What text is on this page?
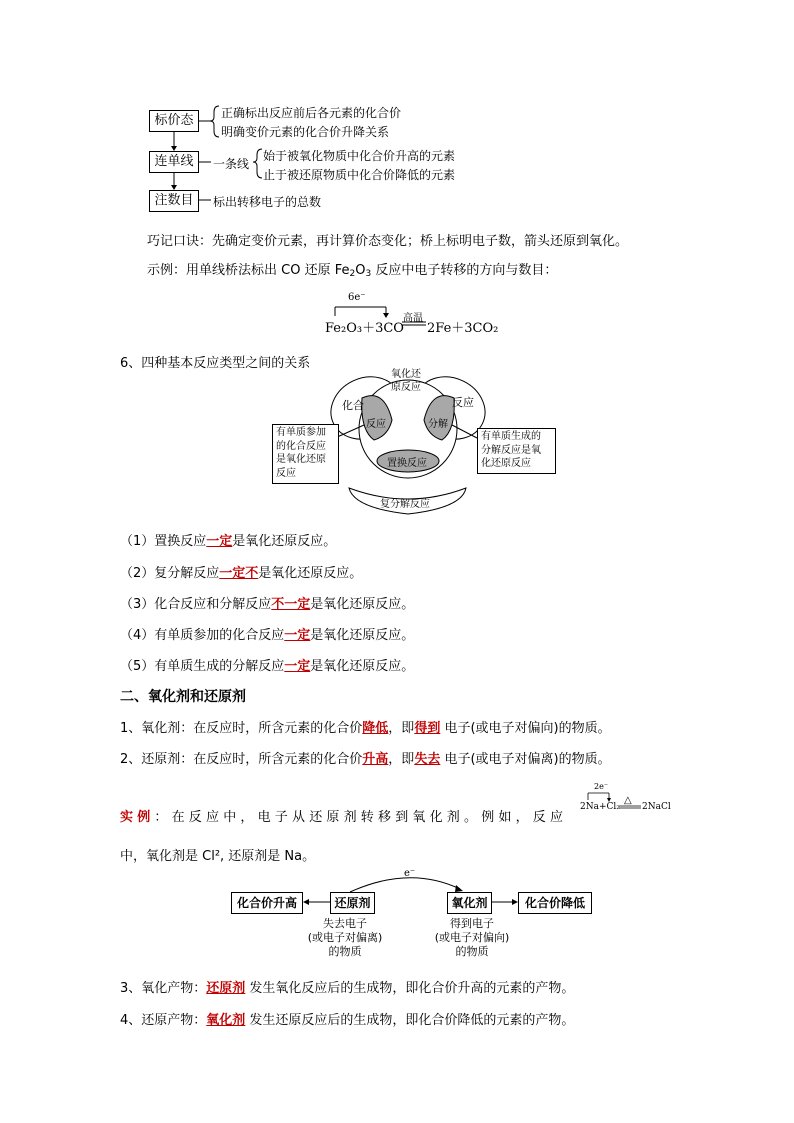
标价态	正确标出反应前后各元素的化合价
明确变价元素的化合价升降关系
连单线	一条线
始于被氧化物质中化合价升高的元素
止于被还原物质中化合价降低的元素
注数目	标出转移电子的总数
巧记口诀：先确定变价元素，再计算价态变化；桥上标明电子数，箭头还原到氧化。
示例：用单线桥法标出 CO 还原 Fe2O3 反应中电子转移的方向与数目：
6e⁻
Fe₂O₃＋3CO
高温
2Fe＋3CO₂
6、四种基本反应类型之间的关系
化合
氧化还
原反应
反应
反应	分解
置换反应
复分解反应
有单质参加
的化合反应
是氧化还原
反应
有单质生成的
分解反应是氧
化还原反应
（1）置换反应一定是氧化还原反应。
（2）复分解反应一定不是氧化还原反应。
（3）化合反应和分解反应不一定是氧化还原反应。
（4）有单质参加的化合反应一定是氧化还原反应。
（5）有单质生成的分解反应一定是氧化还原反应。
二、氧化剂和还原剂
1、氧化剂：在反应时，所含元素的化合价降低，即得到 电子(或电子对偏向)的物质。
2、还原剂：在反应时，所含元素的化合价升高，即失去 电子(或电子对偏离)的物质。
实例：在反应中，电子从还原剂转移到氧化剂。例如，反应
2e⁻
2Na+Cl₂
△
2NaCl
中，氧化剂是 Cl², 还原剂是 Na。
e⁻
化合价升高	还原剂	氧化剂	化合价降低
失去电子
(或电子对偏离)
的物质
得到电子
(或电子对偏向)
的物质
3、氧化产物：还原剂 发生氧化反应后的生成物，即化合价升高的元素的产物。
4、还原产物：氧化剂 发生还原反应后的生成物，即化合价降低的元素的产物。
